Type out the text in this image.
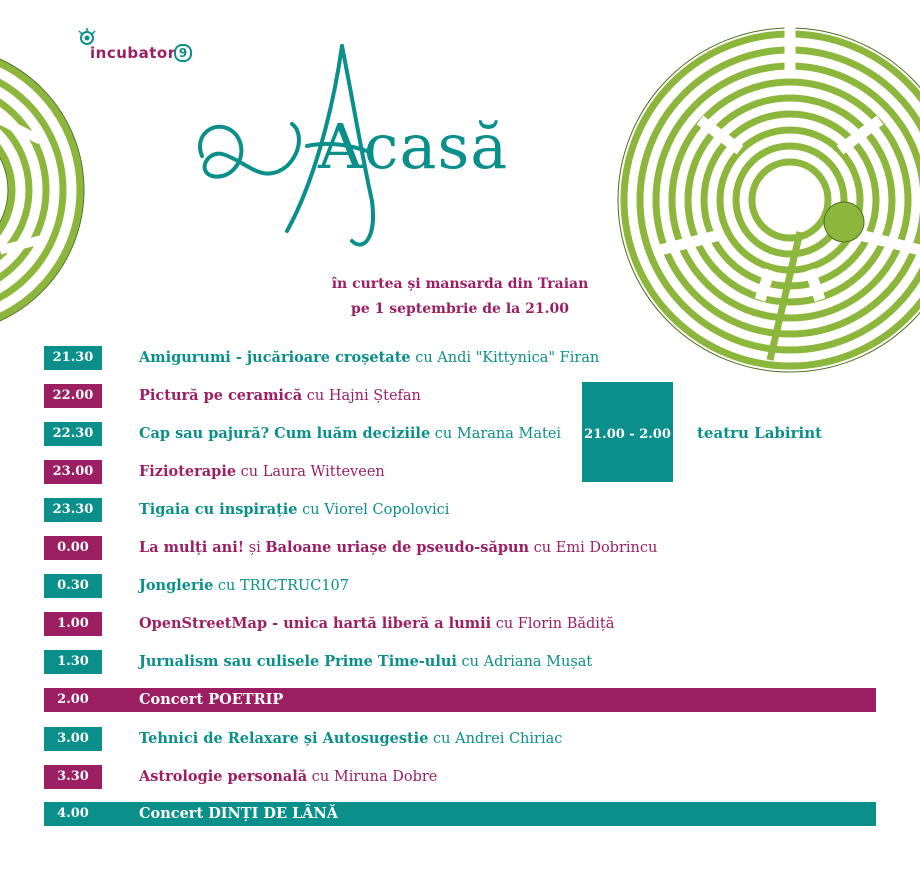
incubator 9
Acasă
în curtea și mansarda din Traian
pe 1 septembrie de la 21.00
21.30	Amigurumi - jucărioare croșetate cu Andi "Kittynica" Firan
22.00	Pictură pe ceramică cu Hajni Ștefan
22.30	Cap sau pajură? Cum luăm deciziile cu Marana Matei
23.00	Fizioterapie cu Laura Witteveen
23.30	Tigaia cu inspirație cu Viorel Copolovici
0.00	La mulți ani! și Baloane uriașe de pseudo-săpun cu Emi Dobrincu
0.30	Jonglerie cu TRICTRUC107
1.00	OpenStreetMap - unica hartă liberă a lumii cu Florin Bădiță
1.30	Jurnalism sau culisele Prime Time-ului cu Adriana Mușat
2.00	Concert POETRIP
3.00	Tehnici de Relaxare și Autosugestie cu Andrei Chiriac
3.30	Astrologie personală cu Miruna Dobre
4.00	Concert DINȚI DE LÂNĂ
21.00 - 2.00 teatru Labirint
